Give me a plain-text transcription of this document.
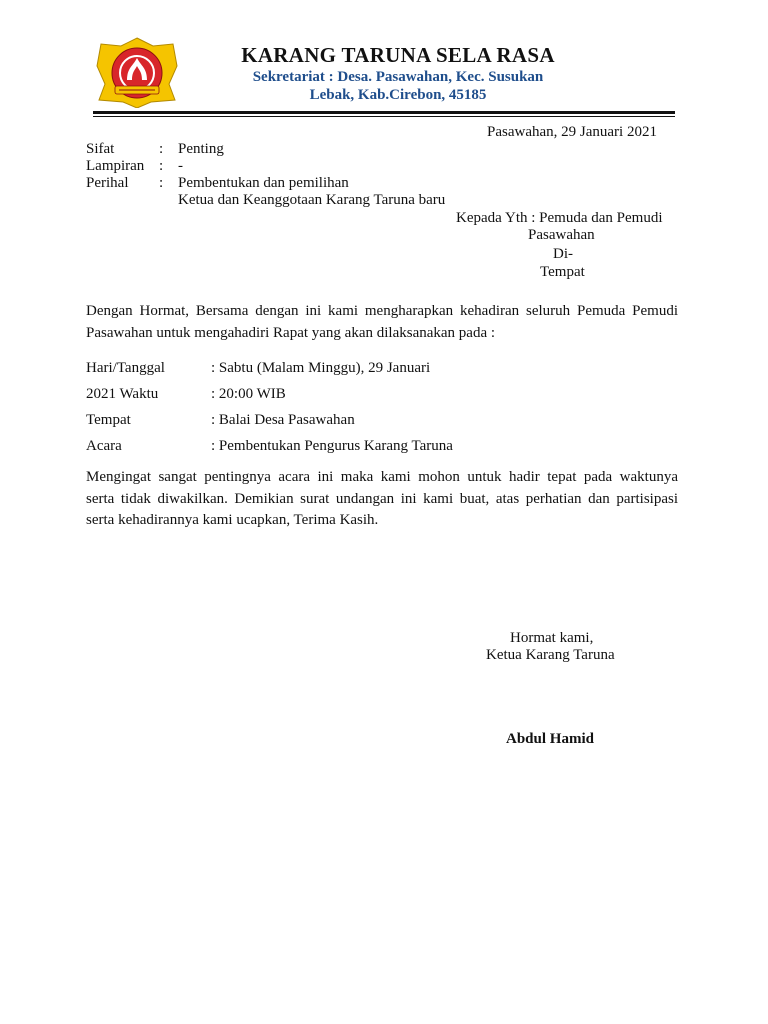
KARANG TARUNA SELA RASA
Sekretariat : Desa. Pasawahan, Kec. Susukan
Lebak, Kab.Cirebon, 45185
Pasawahan, 29 Januari 2021
Sifat	: Penting
Lampiran : -
Perihal : Pembentukan dan pemilihan
Ketua dan Keanggotaan Karang Taruna baru
Kepada Yth : Pemuda dan Pemudi
Pasawahan
Di-
Tempat
Dengan Hormat, Bersama dengan ini kami mengharapkan kehadiran seluruh Pemuda Pemudi
Pasawahan untuk mengahadiri Rapat yang akan dilaksanakan pada :
Hari/Tanggal	: Sabtu (Malam Minggu), 29 Januari
2021 Waktu	: 20:00 WIB
Tempat	: Balai Desa Pasawahan
Acara	: Pembentukan Pengurus Karang Taruna
Mengingat sangat pentingnya acara ini maka kami mohon untuk hadir tepat pada waktunya
serta tidak diwakilkan. Demikian surat undangan ini kami buat, atas perhatian dan partisipasi
serta kehadirannya kami ucapkan, Terima Kasih.
Hormat kami,
Ketua Karang Taruna
Abdul Hamid
